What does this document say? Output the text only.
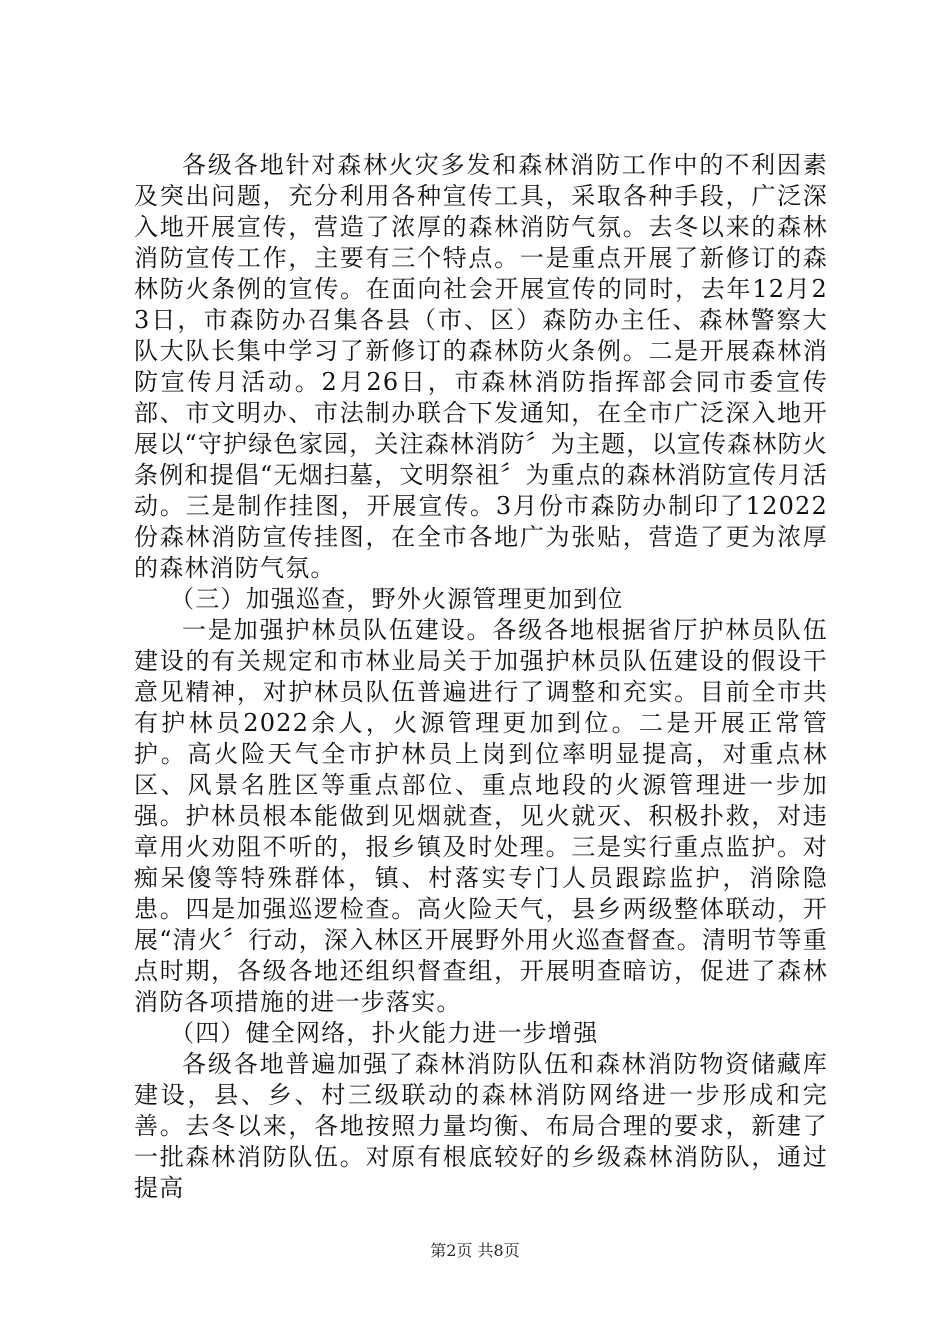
各级各地针对森林火灾多发和森林消防工作中的不利因素及突出问题，充分利用各种宣传工具，采取各种手段，广泛深入地开展宣传，营造了浓厚的森林消防气氛。去冬以来的森林消防宣传工作，主要有三个特点。一是重点开展了新修订的森林防火条例的宣传。在面向社会开展宣传的同时，去年12月23日，市森防办召集各县（市、区）森防办主任、森林警察大队大队长集中学习了新修订的森林防火条例。二是开展森林消防宣传月活动。2月26日，市森林消防指挥部会同市委宣传部、市文明办、市法制办联合下发通知，在全市广泛深入地开展以“守护绿色家园，关注森林消防〞为主题，以宣传森林防火条例和提倡“无烟扫墓，文明祭祖〞为重点的森林消防宣传月活动。三是制作挂图，开展宣传。3月份市森防办制印了12022份森林消防宣传挂图，在全市各地广为张贴，营造了更为浓厚的森林消防气氛。

（三）加强巡查，野外火源管理更加到位

一是加强护林员队伍建设。各级各地根据省厅护林员队伍建设的有关规定和市林业局关于加强护林员队伍建设的假设干意见精神，对护林员队伍普遍进行了调整和充实。目前全市共有护林员2022余人，火源管理更加到位。二是开展正常管护。高火险天气全市护林员上岗到位率明显提高，对重点林区、风景名胜区等重点部位、重点地段的火源管理进一步加强。护林员根本能做到见烟就查，见火就灭、积极扑救，对违章用火劝阻不听的，报乡镇及时处理。三是实行重点监护。对痴呆傻等特殊群体，镇、村落实专门人员跟踪监护，消除隐患。四是加强巡逻检查。高火险天气，县乡两级整体联动，开展“清火〞行动，深入林区开展野外用火巡查督查。清明节等重点时期，各级各地还组织督查组，开展明查暗访，促进了森林消防各项措施的进一步落实。

（四）健全网络，扑火能力进一步增强

各级各地普遍加强了森林消防队伍和森林消防物资储藏库建设，县、乡、村三级联动的森林消防网络进一步形成和完善。去冬以来，各地按照力量均衡、布局合理的要求，新建了一批森林消防队伍。对原有根底较好的乡级森林消防队，通过提高

第2页 共8页
